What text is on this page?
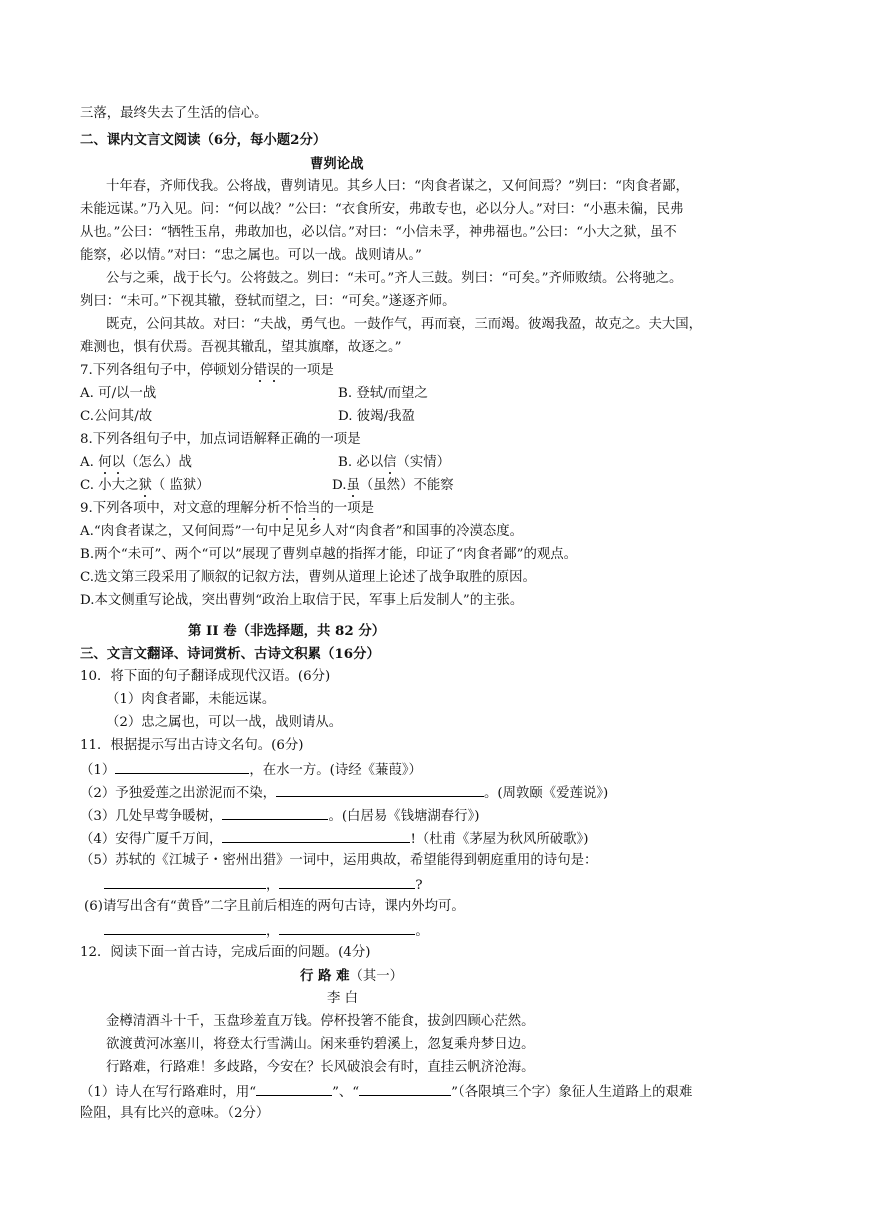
三落，最终失去了生活的信心。
二、课内文言文阅读（6分，每小题2分）
曹刿论战
十年春，齐师伐我。公将战，曹刿请见。其乡人曰：“肉食者谋之，又何间焉？”刿曰：“肉食者鄙，
未能远谋。”乃入见。问：“何以战？”公曰：“衣食所安，弗敢专也，必以分人。”对曰：“小惠未徧，民弗
从也。”公曰：“牺牲玉帛，弗敢加也，必以信。”对曰：“小信未孚，神弗福也。”公曰：“小大之狱，虽不
能察，必以情。”对曰：“忠之属也。可以一战。战则请从。”
公与之乘，战于长勺。公将鼓之。刿曰：“未可。”齐人三鼓。刿曰：“可矣。”齐师败绩。公将驰之。
刿曰：“未可。”下视其辙，登轼而望之，曰：“可矣。”遂逐齐师。
既克，公问其故。对曰：“夫战，勇气也。一鼓作气，再而衰，三而竭。彼竭我盈，故克之。夫大国，
难测也，惧有伏焉。吾视其辙乱，望其旗靡，故逐之。”
7.下列各组句子中，停顿划分错误的一项是
A. 可/以一战	B. 登轼/而望之
C.公问其/故	D. 彼竭/我盈
8.下列各组句子中，加点词语解释正确的一项是
A. 何以（怎么）战	B. 必以信（实情）
C. 小大之狱（ 监狱）	D.虽（虽然）不能察
9.下列各项中，对文意的理解分析不恰当的一项是
A.“肉食者谋之，又何间焉”一句中足见乡人对“肉食者”和国事的冷漠态度。
B.两个“未可”、两个“可以”展现了曹刿卓越的指挥才能，印证了“肉食者鄙”的观点。
C.选文第三段采用了顺叙的记叙方法，曹刿从道理上论述了战争取胜的原因。
D.本文侧重写论战，突出曹刿“政治上取信于民，军事上后发制人”的主张。
第 II 卷（非选择题，共 82 分）
三、文言文翻译、诗词赏析、古诗文积累（16分）
10．将下面的句子翻译成现代汉语。(6分)
（1）肉食者鄙，未能远谋。
（2）忠之属也，可以一战，战则请从。
11．根据提示写出古诗文名句。(6分)
（1）	，在水一方。(诗经《蒹葭》）
（2）予独爱莲之出淤泥而不染，	。(周敦颐《爱莲说》)
（3）几处早莺争暖树，	。(白居易《钱塘湖春行》)
（4）安得广厦千万间，	!（杜甫《茅屋为秋风所破歌》)
（5）苏轼的《江城子・密州出猎》一词中，运用典故，希望能得到朝庭重用的诗句是：
，	?
(6)请写出含有“黄昏”二字且前后相连的两句古诗，课内外均可。
，	。
12．阅读下面一首古诗，完成后面的问题。(4分)
行 路 难（其一）
李 白
金樽清酒斗十千，玉盘珍羞直万钱。停杯投箸不能食，拔剑四顾心茫然。
欲渡黄河冰塞川，将登太行雪满山。闲来垂钓碧溪上，忽复乘舟梦日边。
行路难，行路难！多歧路，今安在？长风破浪会有时，直挂云帆济沧海。
（1）诗人在写行路难时，用“	”、“	”（各限填三个字）象征人生道路上的艰难
险阻，具有比兴的意味。（2分）
